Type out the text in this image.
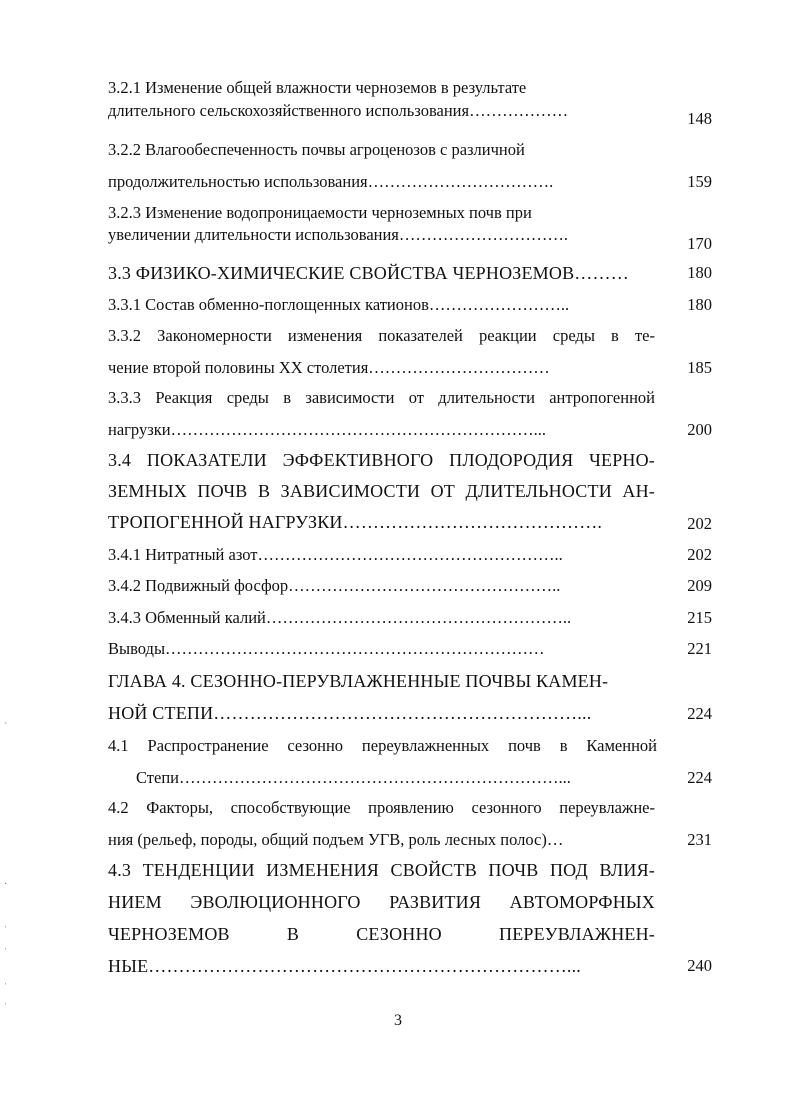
3.2.1 Изменение общей влажности черноземов в результате
длительного сельскохозяйственного использования………………	148
3.2.2 Влагообеспеченность почвы агроценозов с различной
продолжительностью использования…………………………….	159
3.2.3 Изменение водопроницаемости черноземных почв при
увеличении длительности использования………………………….	170
3.3 ФИЗИКО-ХИМИЧЕСКИЕ СВОЙСТВА ЧЕРНОЗЕМОВ………	180
3.3.1 Состав обменно-поглощенных катионов……………………..	180
3.3.2 Закономерности изменения показателей реакции среды в те-
чение второй половины XX столетия……………………………	185
3.3.3 Реакция среды в зависимости от длительности антропогенной
нагрузки…………………………………………………………...	200
3.4 ПОКАЗАТЕЛИ ЭФФЕКТИВНОГО ПЛОДОРОДИЯ ЧЕРНО-
ЗЕМНЫХ ПОЧВ В ЗАВИСИМОСТИ ОТ ДЛИТЕЛЬНОСТИ АН-
ТРОПОГЕННОЙ НАГРУЗКИ…………………………………….	202
3.4.1 Нитратный азот………………………………………………..	202
3.4.2 Подвижный фосфор…………………………………………..	209
3.4.3 Обменный калий………………………………………………..	215
Выводы……………………………………………………………	221
ГЛАВА 4. СЕЗОННО-ПЕРУВЛАЖНЕННЫЕ ПОЧВЫ КАМЕН-
НОЙ СТЕПИ……………………………………………………...	224
4.1 Распространение сезонно переувлажненных почв в Каменной
Степи……………………………………………………………...	224
4.2 Факторы, способствующие проявлению сезонного переувлажне-
ния (рельеф, породы, общий подъем УГВ, роль лесных полос)…	231
4.3 ТЕНДЕНЦИИ ИЗМЕНЕНИЯ СВОЙСТВ ПОЧВ ПОД ВЛИЯ-
НИЕМ ЭВОЛЮЦИОННОГО РАЗВИТИЯ АВТОМОРФНЫХ
ЧЕРНОЗЕМОВ В СЕЗОННО ПЕРЕУВЛАЖНЕН-
НЫЕ……………………………………………………………...	240
3
˴
·
ˌ
ˌ
ˌ
ˌ
